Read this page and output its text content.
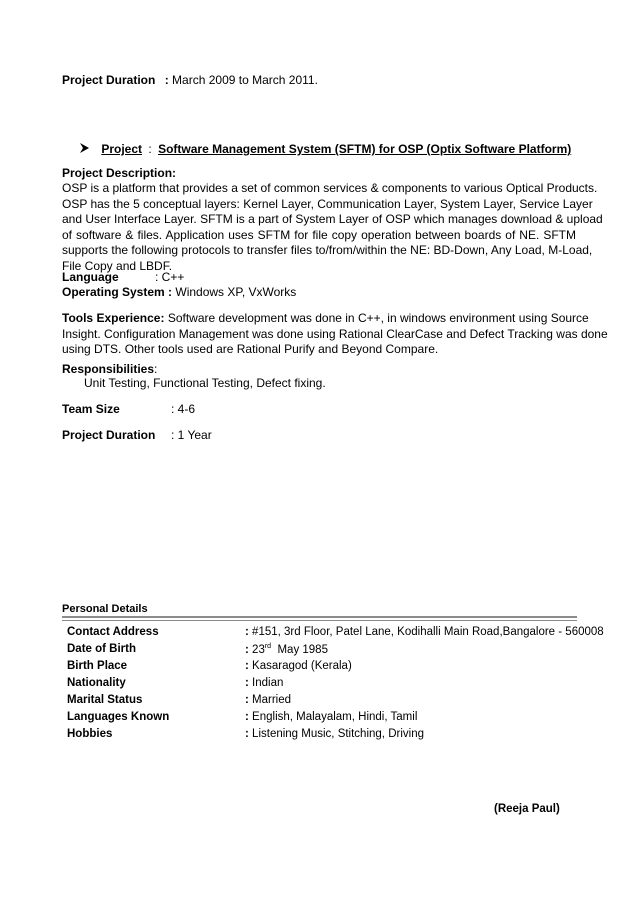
Project Duration : March 2009 to March 2011.
Project : Software Management System (SFTM) for OSP (Optix Software Platform)
Project Description:
OSP is a platform that provides a set of common services & components to various Optical Products.
OSP has the 5 conceptual layers: Kernel Layer, Communication Layer, System Layer, Service Layer
and User Interface Layer. SFTM is a part of System Layer of OSP which manages download & upload
of software & files. Application uses SFTM for file copy operation between boards of NE. SFTM
supports the following protocols to transfer files to/from/within the NE: BD-Down, Any Load, M-Load,
File Copy and LBDF.
Language	: C++
Operating System : Windows XP, VxWorks
Tools Experience: Software development was done in C++, in windows environment using Source
Insight. Configuration Management was done using Rational ClearCase and Defect Tracking was done
using DTS. Other tools used are Rational Purify and Beyond Compare.
Responsibilities:
Unit Testing, Functional Testing, Defect fixing.
Team Size	: 4-6
Project Duration : 1 Year
Personal Details
Contact Address	: #151, 3rd Floor, Patel Lane, Kodihalli Main Road,Bangalore - 560008
Date of Birth	: 23rd May 1985
Birth Place	: Kasaragod (Kerala)
Nationality	: Indian
Marital Status	: Married
Languages Known	: English, Malayalam, Hindi, Tamil
Hobbies	: Listening Music, Stitching, Driving
(Reeja Paul)
